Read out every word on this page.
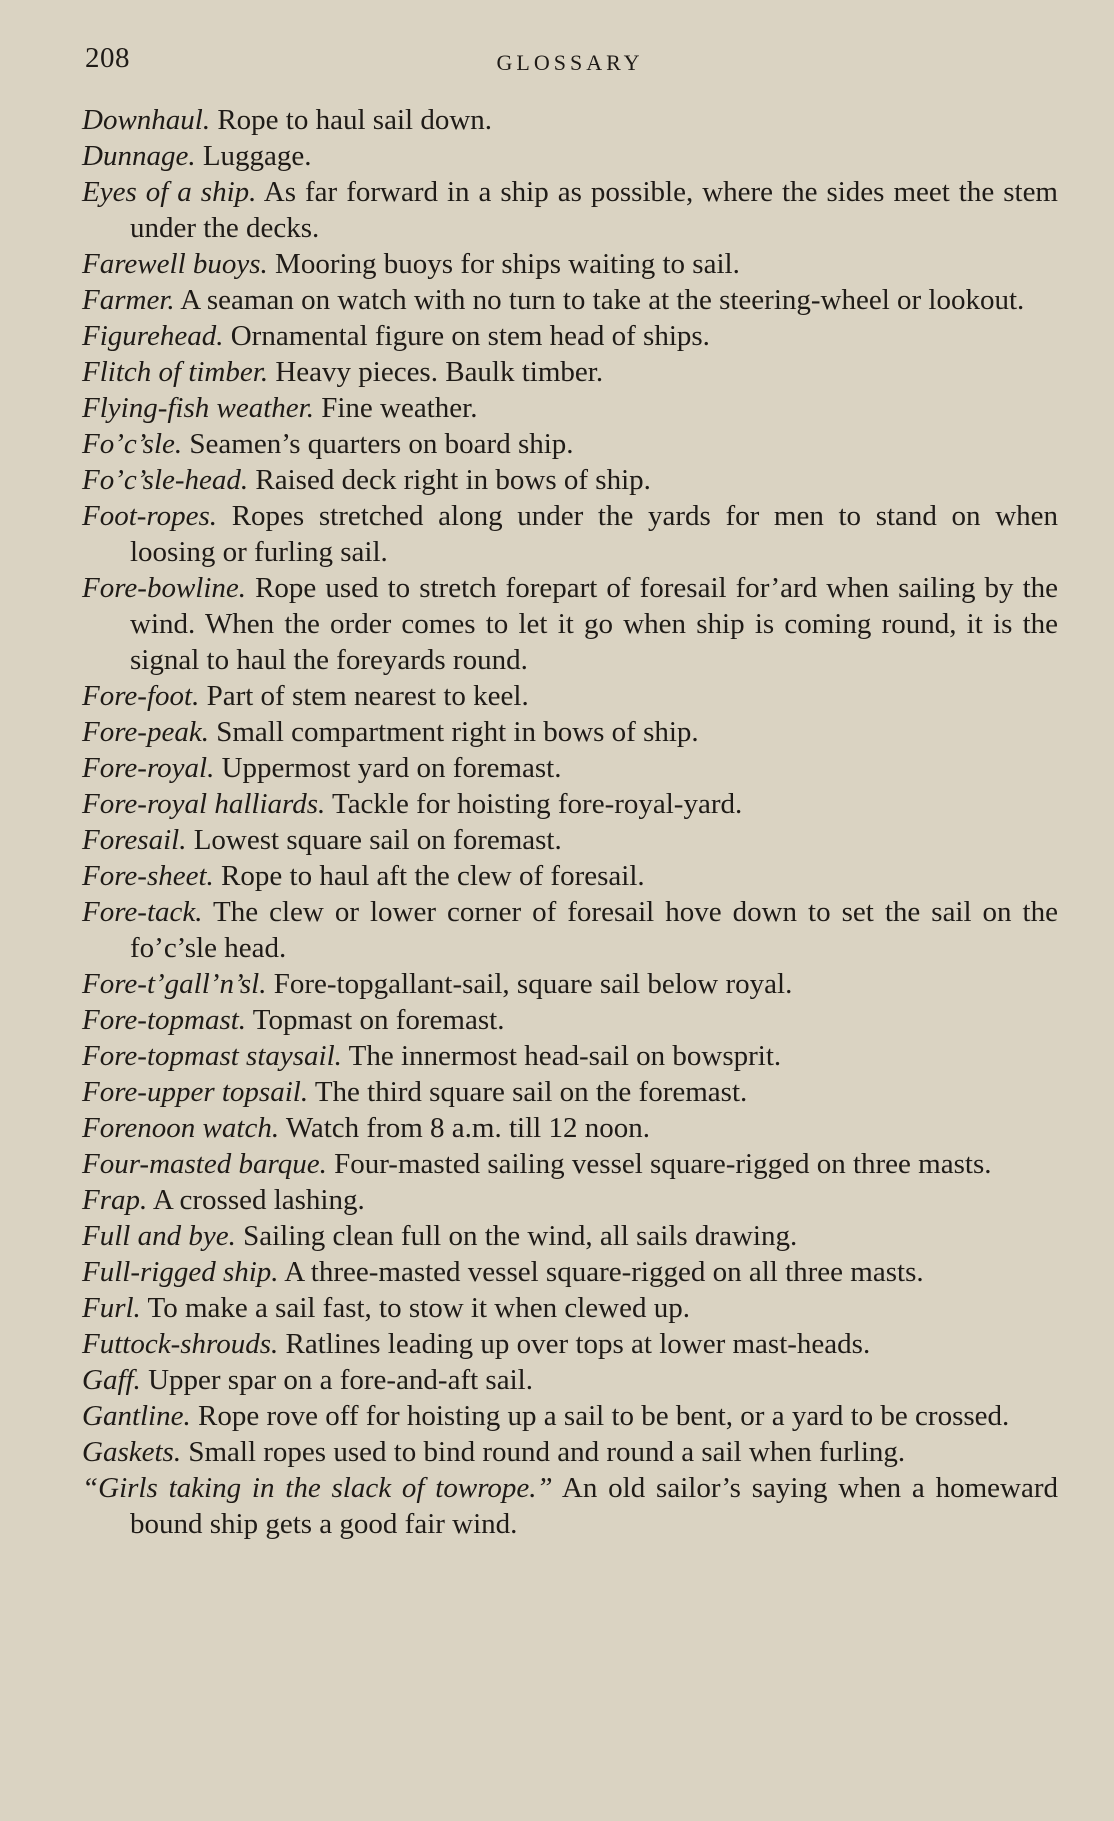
208	GLOSSARY
Downhaul. Rope to haul sail down.
Dunnage. Luggage.
Eyes of a ship. As far forward in a ship as possible, where the sides meet the stem under the decks.
Farewell buoys. Mooring buoys for ships waiting to sail.
Farmer. A seaman on watch with no turn to take at the steering-wheel or lookout.
Figurehead. Ornamental figure on stem head of ships.
Flitch of timber. Heavy pieces. Baulk timber.
Flying-fish weather. Fine weather.
Fo’c’sle. Seamen’s quarters on board ship.
Fo’c’sle-head. Raised deck right in bows of ship.
Foot-ropes. Ropes stretched along under the yards for men to stand on when loosing or furling sail.
Fore-bowline. Rope used to stretch forepart of foresail for’ard when sailing by the wind. When the order comes to let it go when ship is coming round, it is the signal to haul the foreyards round.
Fore-foot. Part of stem nearest to keel.
Fore-peak. Small compartment right in bows of ship.
Fore-royal. Uppermost yard on foremast.
Fore-royal halliards. Tackle for hoisting fore-royal-yard.
Foresail. Lowest square sail on foremast.
Fore-sheet. Rope to haul aft the clew of foresail.
Fore-tack. The clew or lower corner of foresail hove down to set the sail on the fo’c’sle head.
Fore-t’gall’n’sl. Fore-topgallant-sail, square sail below royal.
Fore-topmast. Topmast on foremast.
Fore-topmast staysail. The innermost head-sail on bowsprit.
Fore-upper topsail. The third square sail on the foremast.
Forenoon watch. Watch from 8 a.m. till 12 noon.
Four-masted barque. Four-masted sailing vessel square-rigged on three masts.
Frap. A crossed lashing.
Full and bye. Sailing clean full on the wind, all sails drawing.
Full-rigged ship. A three-masted vessel square-rigged on all three masts.
Furl. To make a sail fast, to stow it when clewed up.
Futtock-shrouds. Ratlines leading up over tops at lower mast-heads.
Gaff. Upper spar on a fore-and-aft sail.
Gantline. Rope rove off for hoisting up a sail to be bent, or a yard to be crossed.
Gaskets. Small ropes used to bind round and round a sail when furling.
“Girls taking in the slack of towrope.” An old sailor’s saying when a homeward bound ship gets a good fair wind.
